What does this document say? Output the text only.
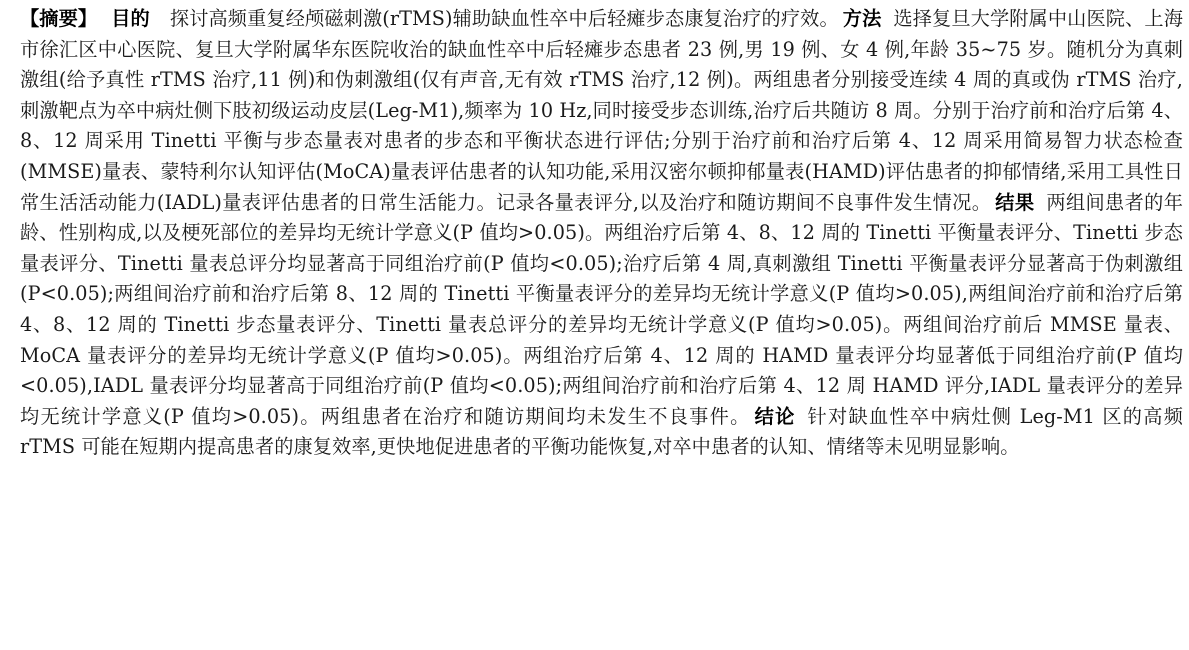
【摘要】 目的 探讨高频重复经颅磁刺激(rTMS)辅助缺血性卒中后轻瘫步态康复治疗的疗效。 方法 选择复旦大学附属中山医院、上海市徐汇区中心医院、复旦大学附属华东医院收治的缺血性卒中后轻瘫步态患者 23 例,男 19 例、女 4 例,年龄 35~75 岁。随机分为真刺激组(给予真性 rTMS 治疗,11 例)和伪刺激组(仅有声音,无有效 rTMS 治疗,12 例)。两组患者分别接受连续 4 周的真或伪 rTMS 治疗,刺激靶点为卒中病灶侧下肢初级运动皮层(Leg-M1),频率为 10 Hz,同时接受步态训练,治疗后共随访 8 周。分别于治疗前和治疗后第 4、8、12 周采用 Tinetti 平衡与步态量表对患者的步态和平衡状态进行评估;分别于治疗前和治疗后第 4、12 周采用简易智力状态检查(MMSE)量表、蒙特利尔认知评估(MoCA)量表评估患者的认知功能,采用汉密尔顿抑郁量表(HAMD)评估患者的抑郁情绪,采用工具性日常生活活动能力(IADL)量表评估患者的日常生活能力。记录各量表评分,以及治疗和随访期间不良事件发生情况。 结果 两组间患者的年龄、性别构成,以及梗死部位的差异均无统计学意义(P 值均>0.05)。两组治疗后第 4、8、12 周的 Tinetti 平衡量表评分、Tinetti 步态量表评分、Tinetti 量表总评分均显著高于同组治疗前(P 值均<0.05);治疗后第 4 周,真刺激组 Tinetti 平衡量表评分显著高于伪刺激组(P<0.05);两组间治疗前和治疗后第 8、12 周的 Tinetti 平衡量表评分的差异均无统计学意义(P 值均>0.05),两组间治疗前和治疗后第 4、8、12 周的 Tinetti 步态量表评分、Tinetti 量表总评分的差异均无统计学意义(P 值均>0.05)。两组间治疗前后 MMSE 量表、MoCA 量表评分的差异均无统计学意义(P 值均>0.05)。两组治疗后第 4、12 周的 HAMD 量表评分均显著低于同组治疗前(P 值均<0.05),IADL 量表评分均显著高于同组治疗前(P 值均<0.05);两组间治疗前和治疗后第 4、12 周 HAMD 评分,IADL 量表评分的差异均无统计学意义(P 值均>0.05)。两组患者在治疗和随访期间均未发生不良事件。 结论 针对缺血性卒中病灶侧 Leg-M1 区的高频 rTMS 可能在短期内提高患者的康复效率,更快地促进患者的平衡功能恢复,对卒中患者的认知、情绪等未见明显影响。
